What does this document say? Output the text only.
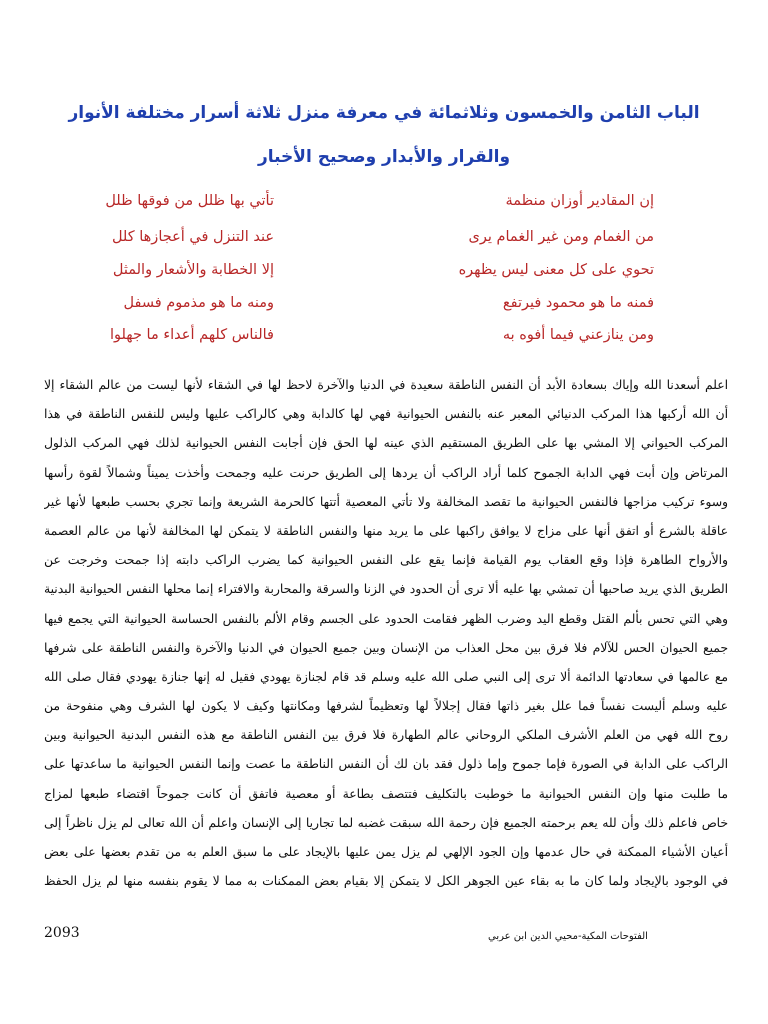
الباب الثامن والخمسون وثلاثمائة في معرفة منزل ثلاثة أسرار مختلفة الأنوار
والقرار والأبدار وصحيح الأخبار
إن المقادير أوزان منظمة
تأتي بها ظلل من فوقها ظلل
من الغمام ومن غير الغمام يرى
عند التنزل في أعجازها كلل
تحوي على كل معنى ليس يظهره
إلا الخطابة والأشعار والمثل
فمنه ما هو محمود فيرتفع
ومنه ما هو مذموم فسفل
ومن ينازعني فيما أفوه به
فالناس كلهم أعداء ما جهلوا
اعلم أسعدنا الله وإياك بسعادة الأبد أن النفس الناطقة سعيدة في الدنيا والآخرة لاحظ لها في الشقاء لأنها ليست من عالم الشقاء إلا
أن الله أركبها هذا المركب الدنيائي المعبر عنه بالنفس الحيوانية فهي لها كالدابة وهي كالراكب عليها وليس للنفس الناطقة في هذا
المركب الحيواني إلا المشي بها على الطريق المستقيم الذي عينه لها الحق فإن أجابت النفس الحيوانية لذلك فهي المركب الذلول
المرتاض وإن أبت فهي الدابة الجموح كلما أراد الراكب أن يردها إلى الطريق حرنت عليه وجمحت وأخذت يميناً وشمالاً لقوة رأسها
وسوء تركيب مزاجها فالنفس الحيوانية ما تقصد المخالفة ولا تأتي المعصية أتتها كالحرمة الشريعة وإنما تجري بحسب طبعها لأنها غير
عاقلة بالشرع أو اتفق أنها على مزاج لا يوافق راكبها على ما يريد منها والنفس الناطقة لا يتمكن لها المخالفة لأنها من عالم العصمة
والأرواح الطاهرة فإذا وقع العقاب يوم القيامة فإنما يقع على النفس الحيوانية كما يضرب الراكب دابته إذا جمحت وخرجت عن
الطريق الذي يريد صاحبها أن تمشي بها عليه ألا ترى أن الحدود في الزنا والسرقة والمحاربة والافتراء إنما محلها النفس الحيوانية البدنية
وهي التي تحس بألم القتل وقطع اليد وضرب الظهر فقامت الحدود على الجسم وقام الألم بالنفس الحساسة الحيوانية التي يجمع فيها
جميع الحيوان الحس للآلام فلا فرق بين محل العذاب من الإنسان وبين جميع الحيوان في الدنيا والآخرة والنفس الناطقة على شرفها
مع عالمها في سعادتها الدائمة ألا ترى إلى النبي صلى الله عليه وسلم قد قام لجنازة يهودي فقيل له إنها جنازة يهودي فقال صلى الله
عليه وسلم أليست نفساً فما علل بغير ذاتها فقال إجلالاً لها وتعظيماً لشرفها ومكانتها وكيف لا يكون لها الشرف وهي منفوحة من
روح الله فهي من العلم الأشرف الملكي الروحاني عالم الطهارة فلا فرق بين النفس الناطقة مع هذه النفس البدنية الحيوانية وبين
الراكب على الدابة في الصورة فإما جموح وإما ذلول فقد بان لك أن النفس الناطقة ما عصت وإنما النفس الحيوانية ما ساعدتها على
ما طلبت منها وإن النفس الحيوانية ما خوطبت بالتكليف فتتصف بطاعة أو معصية فاتفق أن كانت جموحاً اقتضاء طبعها لمزاج
خاص فاعلم ذلك وأن لله يعم برحمته الجميع فإن رحمة الله سبقت غضبه لما تجاريا إلى الإنسان واعلم أن الله تعالى لم يزل ناظراً إلى
أعيان الأشياء الممكنة في حال عدمها وإن الجود الإلهي لم يزل يمن عليها بالإيجاد على ما سبق العلم به من تقدم بعضها على بعض
في الوجود بالإيجاد ولما كان ما به بقاء عين الجوهر الكل لا يتمكن إلا بقيام بعض الممكنات به مما لا يقوم بنفسه منها لم يزل الحفظ
2093	الفتوحات المكية-محيي الدين ابن عربي
